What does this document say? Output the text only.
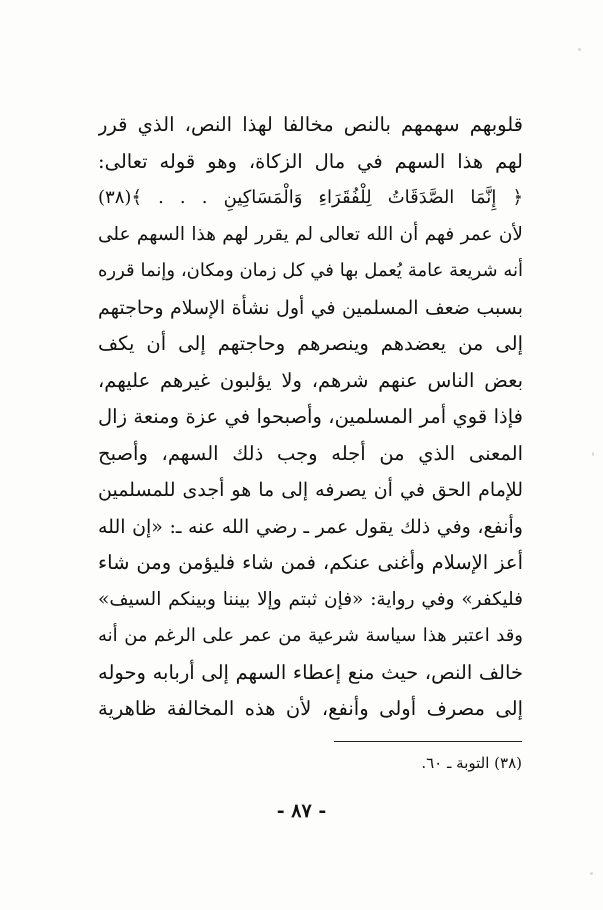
قلوبهم سهمهم بالنص مخالفا لهذا النص، الذي قرر
لهم هذا السهم في مال الزكاة، وهو قوله تعالى:
﴿ إِنَّمَا الصَّدَقَاتُ لِلْفُقَرَاءِ وَالْمَسَاكِينِ . . . ﴾(٣٨)
لأن عمر فهم أن الله تعالى لم يقرر لهم هذا السهم على
أنه شريعة عامة يُعمل بها في كل زمان ومكان، وإنما قرره
بسبب ضعف المسلمين في أول نشأة الإسلام وحاجتهم
إلى من يعضدهم وينصرهم وحاجتهم إلى أن يكف
بعض الناس عنهم شرهم، ولا يؤلبون غيرهم عليهم،
فإذا قوي أمر المسلمين، وأصبحوا في عزة ومنعة زال
المعنى الذي من أجله وجب ذلك السهم، وأصبح
للإمام الحق في أن يصرفه إلى ما هو أجدى للمسلمين
وأنفع، وفي ذلك يقول عمر ـ رضي الله عنه ـ: «إن الله
أعز الإسلام وأغنى عنكم، فمن شاء فليؤمن ومن شاء
فليكفر» وفي رواية: «فإن ثبتم وإلا بيننا وبينكم السيف»
وقد اعتبر هذا سياسة شرعية من عمر على الرغم من أنه
خالف النص، حيث منع إعطاء السهم إلى أربابه وحوله
إلى مصرف أولى وأنفع، لأن هذه المخالفة ظاهرية
(٣٨) التوبة ـ ٦٠.
- ٨٧ -
